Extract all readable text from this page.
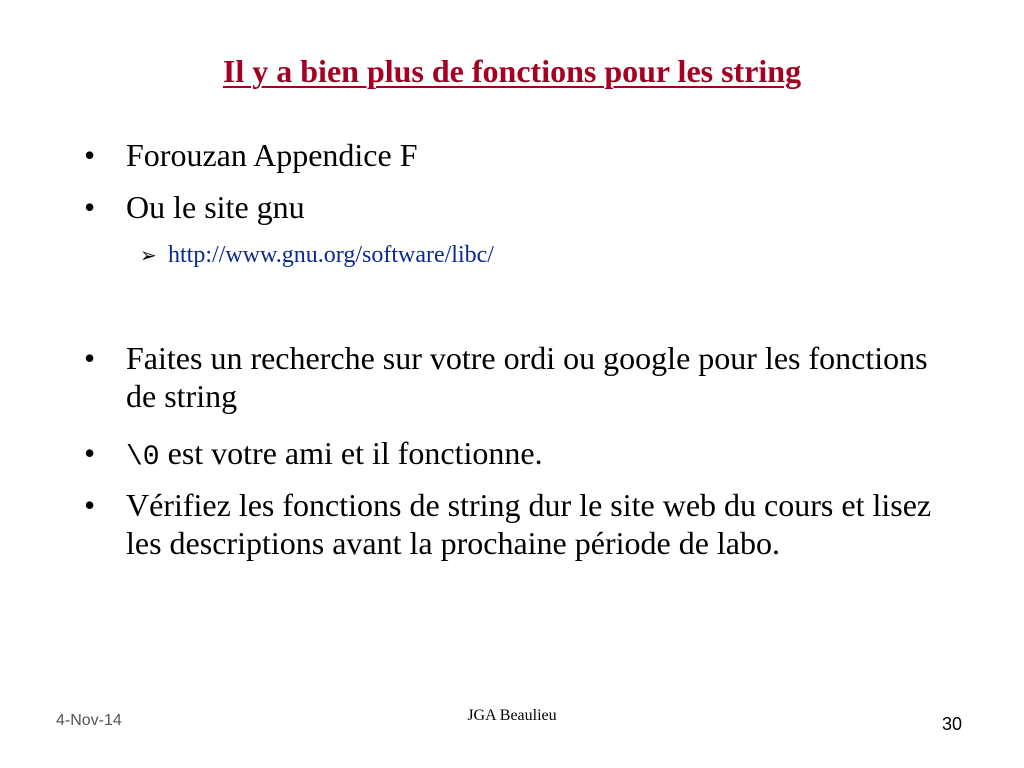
Il y a bien plus de fonctions pour les string
• Forouzan Appendice F
• Ou le site gnu
➢ http://www.gnu.org/software/libc/
• Faites un recherche sur votre ordi ou google pour les fonctions de string
•	\0 est votre ami et il fonctionne.
• Vérifiez les fonctions de string dur le site web du cours et lisez les descriptions avant la prochaine période de labo.
4-Nov-14	JGA Beaulieu	30
